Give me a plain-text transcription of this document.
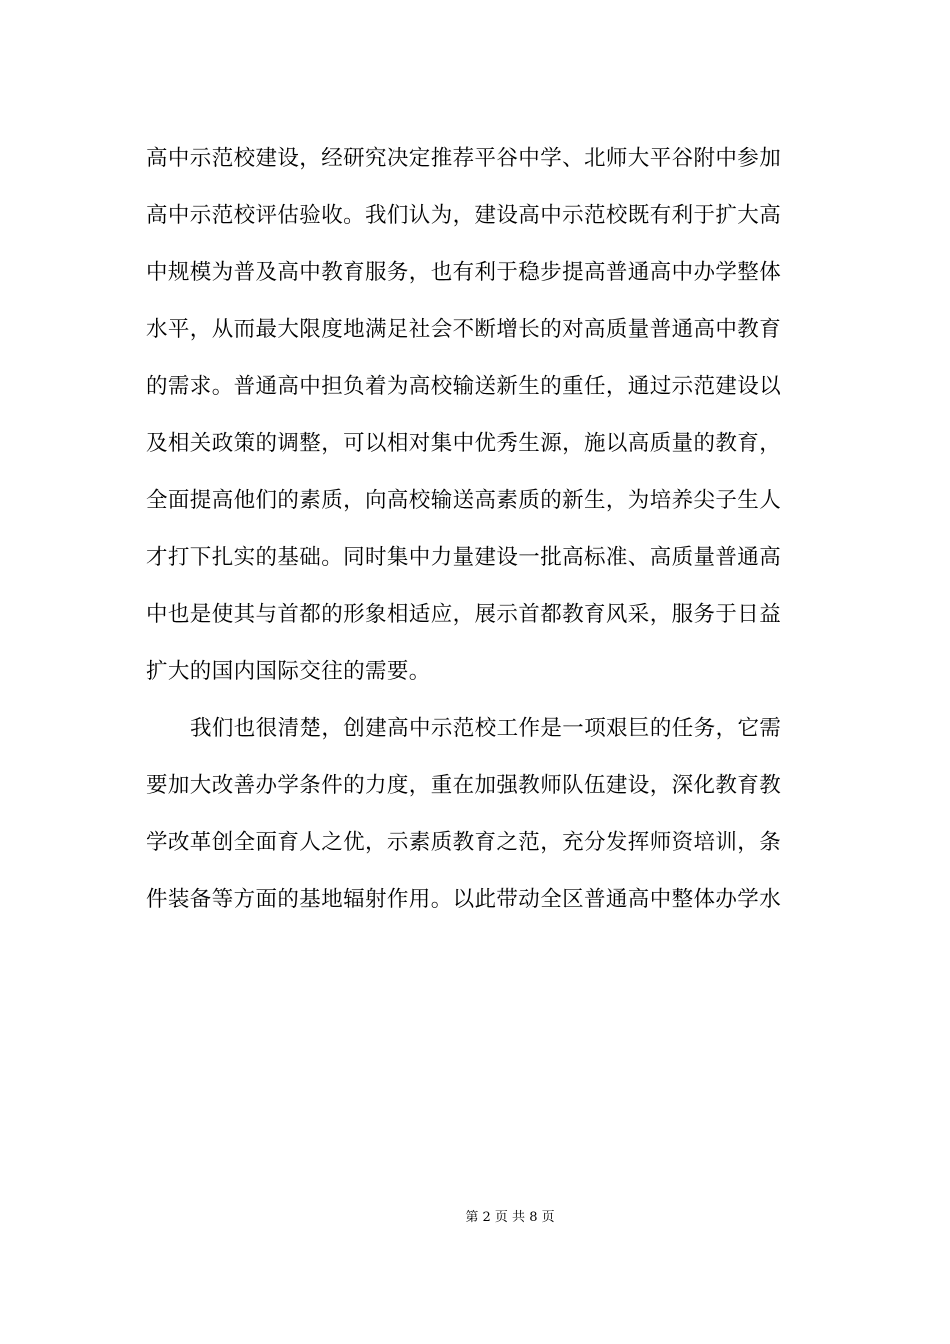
高中示范校建设，经研究决定推荐平谷中学、北师大平谷附中参加
高中示范校评估验收。我们认为，建设高中示范校既有利于扩大高
中规模为普及高中教育服务，也有利于稳步提高普通高中办学整体
水平，从而最大限度地满足社会不断增长的对高质量普通高中教育
的需求。普通高中担负着为高校输送新生的重任，通过示范建设以
及相关政策的调整，可以相对集中优秀生源，施以高质量的教育，
全面提高他们的素质，向高校输送高素质的新生，为培养尖子生人
才打下扎实的基础。同时集中力量建设一批高标准、高质量普通高
中也是使其与首都的形象相适应，展示首都教育风采，服务于日益
扩大的国内国际交往的需要。
我们也很清楚，创建高中示范校工作是一项艰巨的任务，它需
要加大改善办学条件的力度，重在加强教师队伍建设，深化教育教
学改革创全面育人之优，示素质教育之范，充分发挥师资培训，条
件装备等方面的基地辐射作用。以此带动全区普通高中整体办学水
第 2 页 共 8 页
